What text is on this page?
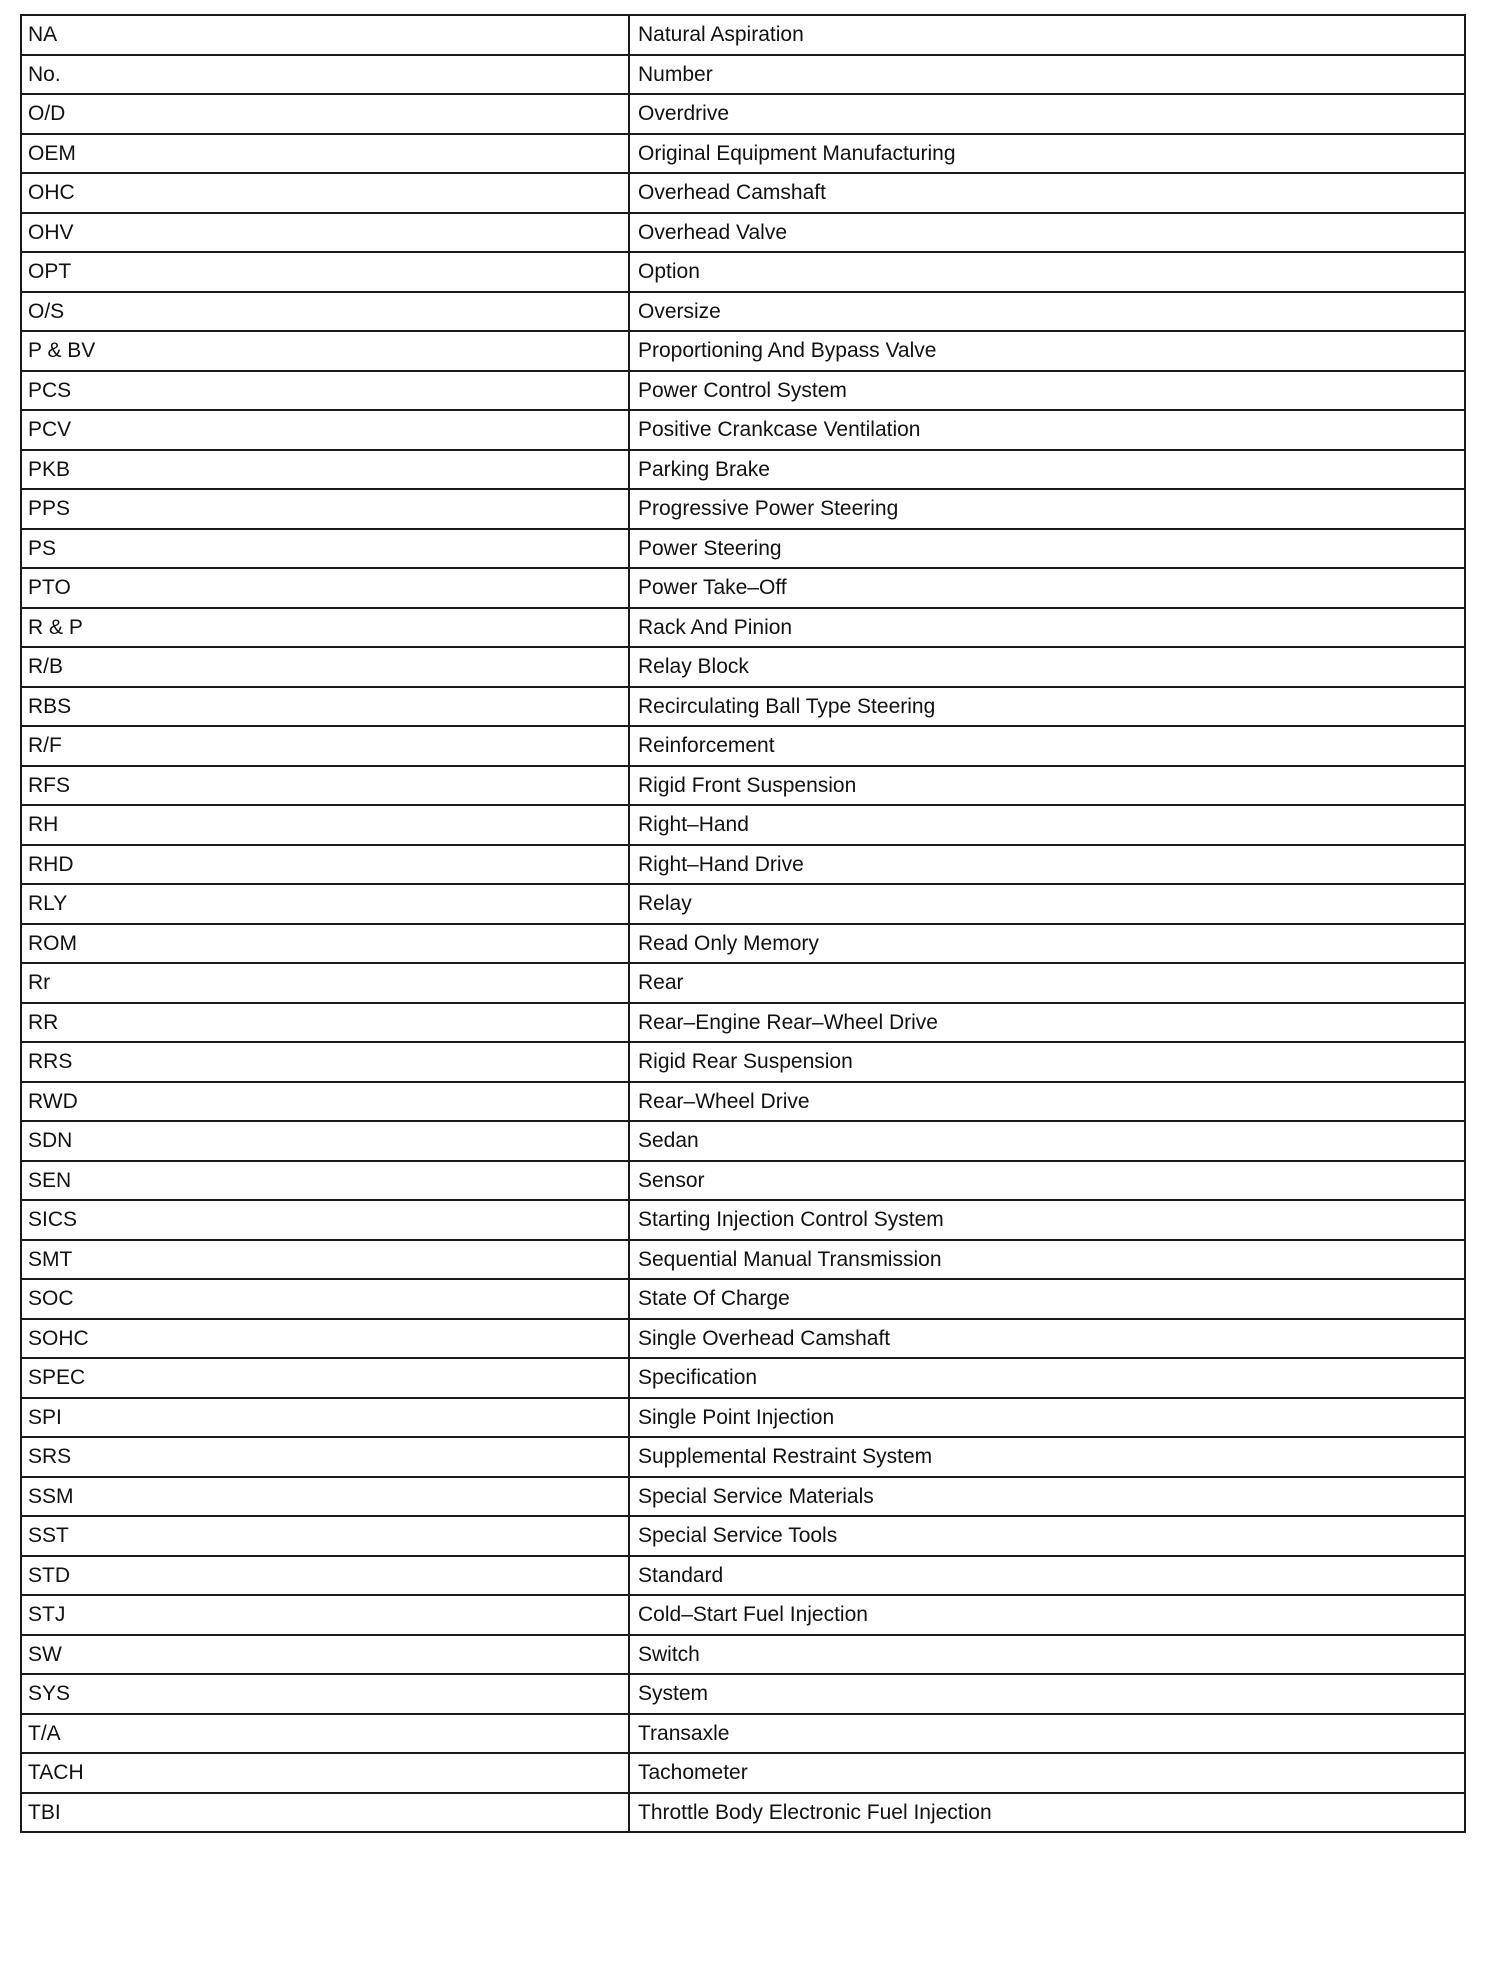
NA	Natural Aspiration
No.	Number
O/D	Overdrive
OEM	Original Equipment Manufacturing
OHC	Overhead Camshaft
OHV	Overhead Valve
OPT	Option
O/S	Oversize
P & BV	Proportioning And Bypass Valve
PCS	Power Control System
PCV	Positive Crankcase Ventilation
PKB	Parking Brake
PPS	Progressive Power Steering
PS	Power Steering
PTO	Power Take–Off
R & P	Rack And Pinion
R/B	Relay Block
RBS	Recirculating Ball Type Steering
R/F	Reinforcement
RFS	Rigid Front Suspension
RH	Right–Hand
RHD	Right–Hand Drive
RLY	Relay
ROM	Read Only Memory
Rr	Rear
RR	Rear–Engine Rear–Wheel Drive
RRS	Rigid Rear Suspension
RWD	Rear–Wheel Drive
SDN	Sedan
SEN	Sensor
SICS	Starting Injection Control System
SMT	Sequential Manual Transmission
SOC	State Of Charge
SOHC	Single Overhead Camshaft
SPEC	Specification
SPI	Single Point Injection
SRS	Supplemental Restraint System
SSM	Special Service Materials
SST	Special Service Tools
STD	Standard
STJ	Cold–Start Fuel Injection
SW	Switch
SYS	System
T/A	Transaxle
TACH	Tachometer
TBI	Throttle Body Electronic Fuel Injection
